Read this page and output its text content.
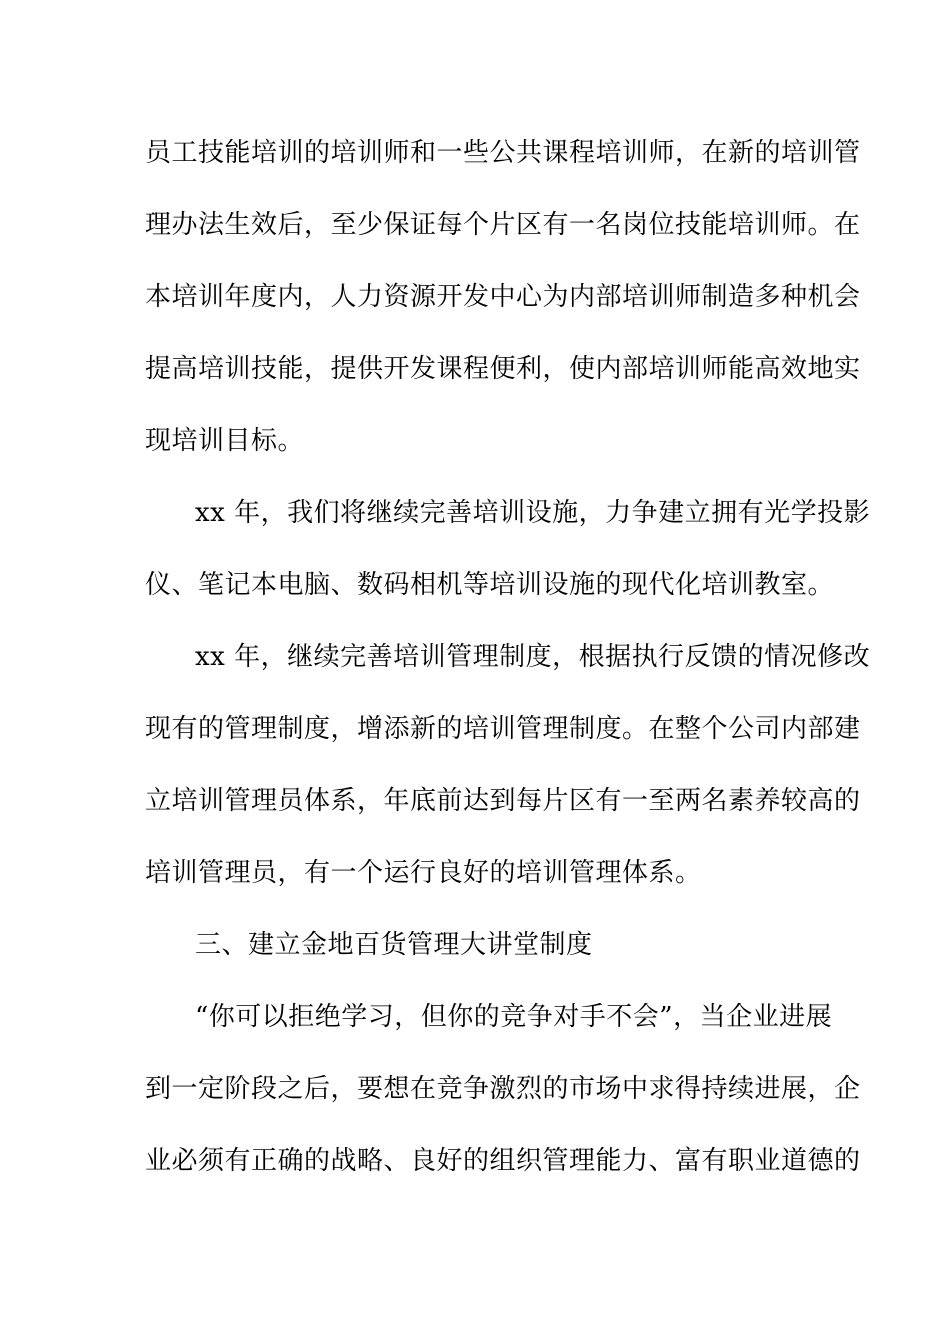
员工技能培训的培训师和一些公共课程培训师，在新的培训管
理办法生效后，至少保证每个片区有一名岗位技能培训师。在
本培训年度内，人力资源开发中心为内部培训师制造多种机会
提高培训技能，提供开发课程便利，使内部培训师能高效地实
现培训目标。
xx 年，我们将继续完善培训设施，力争建立拥有光学投影
仪、笔记本电脑、数码相机等培训设施的现代化培训教室。
xx 年，继续完善培训管理制度，根据执行反馈的情况修改
现有的管理制度，增添新的培训管理制度。在整个公司内部建
立培训管理员体系，年底前达到每片区有一至两名素养较高的
培训管理员，有一个运行良好的培训管理体系。
三、建立金地百货管理大讲堂制度
“你可以拒绝学习，但你的竞争对手不会”，当企业进展
到一定阶段之后，要想在竞争激烈的市场中求得持续进展，企
业必须有正确的战略、良好的组织管理能力、富有职业道德的
